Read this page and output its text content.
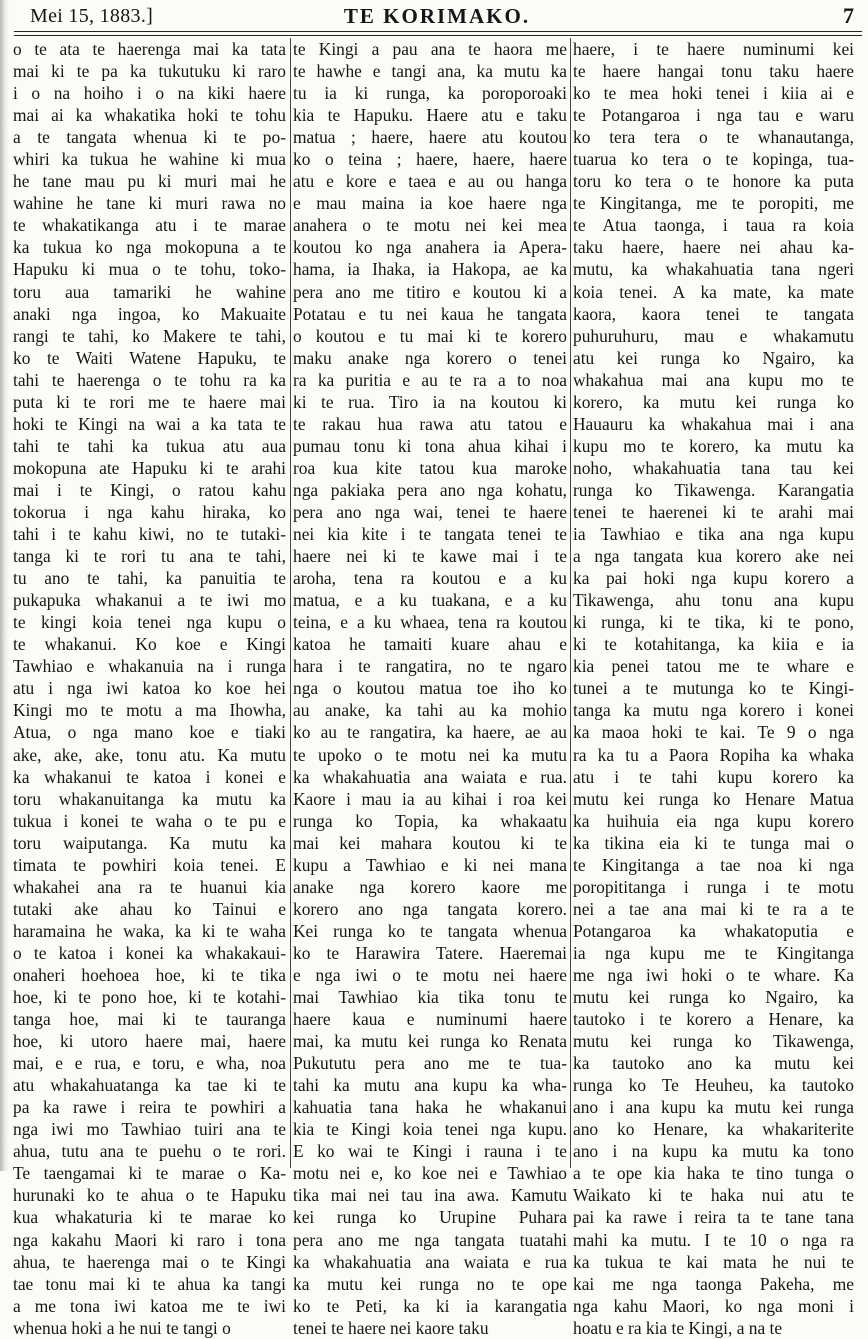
Mei 15, 1883.]	TE KORIMAKO.	7
o te ata te haerenga mai ka tata
mai ki te pa ka tukutuku ki raro
i o na hoiho i o na kiki haere
mai ai ka whakatika hoki te tohu
a te tangata whenua ki te po-
whiri ka tukua he wahine ki mua
he tane mau pu ki muri mai he
wahine he tane ki muri rawa no
te whakatikanga atu i te marae
ka tukua ko nga mokopuna a te
Hapuku ki mua o te tohu, toko-
toru aua tamariki he wahine
anaki nga ingoa, ko Makuaite
rangi te tahi, ko Makere te tahi,
ko te Waiti Watene Hapuku, te
tahi te haerenga o te tohu ra ka
puta ki te rori me te haere mai
hoki te Kingi na wai a ka tata te
tahi te tahi ka tukua atu aua
mokopuna ate Hapuku ki te arahi
mai i te Kingi, o ratou kahu
tokorua i nga kahu hiraka, ko
tahi i te kahu kiwi, no te tutaki-
tanga ki te rori tu ana te tahi,
tu ano te tahi, ka panuitia te
pukapuka whakanui a te iwi mo
te kingi koia tenei nga kupu o
te whakanui. Ko koe e Kingi
Tawhiao e whakanuia na i runga
atu i nga iwi katoa ko koe hei
Kingi mo te motu a ma Ihowha,
Atua, o nga mano koe e tiaki
ake, ake, ake, tonu atu. Ka mutu
ka whakanui te katoa i konei e
toru whakanuitanga ka mutu ka
tukua i konei te waha o te pu e
toru waiputanga. Ka mutu ka
timata te powhiri koia tenei. E
whakahei ana ra te huanui kia
tutaki ake ahau ko Tainui e
haramaina he waka, ka ki te waha
o te katoa i konei ka whakakaui-
onaheri hoehoea hoe, ki te tika
hoe, ki te pono hoe, ki te kotahi-
tanga hoe, mai ki te tauranga
hoe, ki utoro haere mai, haere
mai, e e rua, e toru, e wha, noa
atu whakahuatanga ka tae ki te
pa ka rawe i reira te powhiri a
nga iwi mo Tawhiao tuiri ana te
ahua, tutu ana te puehu o te rori.
Te taengamai ki te marae o Ka-
hurunaki ko te ahua o te Hapuku
kua whakaturia ki te marae ko
nga kakahu Maori ki raro i tona
ahua, te haerenga mai o te Kingi
tae tonu mai ki te ahua ka tangi
a me tona iwi katoa me te iwi
whenua hoki a he nui te tangi o
te Kingi a pau ana te haora me
te hawhe e tangi ana, ka mutu ka
tu ia ki runga, ka poroporoaki
kia te Hapuku. Haere atu e taku
matua ; haere, haere atu koutou
ko o teina ; haere, haere, haere
atu e kore e taea e au ou hanga
e mau maina ia koe haere nga
anahera o te motu nei kei mea
koutou ko nga anahera ia Apera-
hama, ia Ihaka, ia Hakopa, ae ka
pera ano me titiro e koutou ki a
Potatau e tu nei kaua he tangata
o koutou e tu mai ki te korero
maku anake nga korero o tenei
ra ka puritia e au te ra a to noa
ki te rua. Tiro ia na koutou ki
te rakau hua rawa atu tatou e
pumau tonu ki tona ahua kihai i
roa kua kite tatou kua maroke
nga pakiaka pera ano nga kohatu,
pera ano nga wai, tenei te haere
nei kia kite i te tangata tenei te
haere nei ki te kawe mai i te
aroha, tena ra koutou e a ku
matua, e a ku tuakana, e a ku
teina, e a ku whaea, tena ra koutou
katoa he tamaiti kuare ahau e
hara i te rangatira, no te ngaro
nga o koutou matua toe iho ko
au anake, ka tahi au ka mohio
ko au te rangatira, ka haere, ae au
te upoko o te motu nei ka mutu
ka whakahuatia ana waiata e rua.
Kaore i mau ia au kihai i roa kei
runga ko Topia, ka whakaatu
mai kei mahara koutou ki te
kupu a Tawhiao e ki nei mana
anake nga korero kaore me
korero ano nga tangata korero.
Kei runga ko te tangata whenua
ko te Harawira Tatere. Haeremai
e nga iwi o te motu nei haere
mai Tawhiao kia tika tonu te
haere kaua e numinumi haere
mai, ka mutu kei runga ko Renata
Pukututu pera ano me te tua-
tahi ka mutu ana kupu ka wha-
kahuatia tana haka he whakanui
kia te Kingi koia tenei nga kupu.
E ko wai te Kingi i rauna i te
motu nei e, ko koe nei e Tawhiao
tika mai nei tau ina awa. Kamutu
kei runga ko Urupine Puhara
pera ano me nga tangata tuatahi
ka whakahuatia ana waiata e rua
ka mutu kei runga no te ope
ko te Peti, ka ki ia karangatia
tenei te haere nei kaore taku
haere, i te haere numinumi kei
te haere hangai tonu taku haere
ko te mea hoki tenei i kiia ai e
te Potangaroa i nga tau e waru
ko tera tera o te whanautanga,
tuarua ko tera o te kopinga, tua-
toru ko tera o te honore ka puta
te Kingitanga, me te poropiti, me
te Atua taonga, i taua ra koia
taku haere, haere nei ahau ka-
mutu, ka whakahuatia tana ngeri
koia tenei. A ka mate, ka mate
kaora, kaora tenei te tangata
puhuruhuru, mau e whakamutu
atu kei runga ko Ngairo, ka
whakahua mai ana kupu mo te
korero, ka mutu kei runga ko
Hauauru ka whakahua mai i ana
kupu mo te korero, ka mutu ka
noho, whakahuatia tana tau kei
runga ko Tikawenga. Karangatia
tenei te haerenei ki te arahi mai
ia Tawhiao e tika ana nga kupu
a nga tangata kua korero ake nei
ka pai hoki nga kupu korero a
Tikawenga, ahu tonu ana kupu
ki runga, ki te tika, ki te pono,
ki te kotahitanga, ka kiia e ia
kia penei tatou me te whare e
tunei a te mutunga ko te Kingi-
tanga ka mutu nga korero i konei
ka maoa hoki te kai. Te 9 o nga
ra ka tu a Paora Ropiha ka whaka
atu i te tahi kupu korero ka
mutu kei runga ko Henare Matua
ka huihuia eia nga kupu korero
ka tikina eia ki te tunga mai o
te Kingitanga a tae noa ki nga
poropititanga i runga i te motu
nei a tae ana mai ki te ra a te
Potangaroa ka whakatoputia e
ia nga kupu me te Kingitanga
me nga iwi hoki o te whare. Ka
mutu kei runga ko Ngairo, ka
tautoko i te korero a Henare, ka
mutu kei runga ko Tikawenga,
ka tautoko ano ka mutu kei
runga ko Te Heuheu, ka tautoko
ano i ana kupu ka mutu kei runga
ano ko Henare, ka whakariterite
ano i na kupu ka mutu ka tono
a te ope kia haka te tino tunga o
Waikato ki te haka nui atu te
pai ka rawe i reira ta te tane tana
mahi ka mutu. I te 10 o nga ra
ka tukua te kai mata he nui te
kai me nga taonga Pakeha, me
nga kahu Maori, ko nga moni i
hoatu e ra kia te Kingi, a na te
